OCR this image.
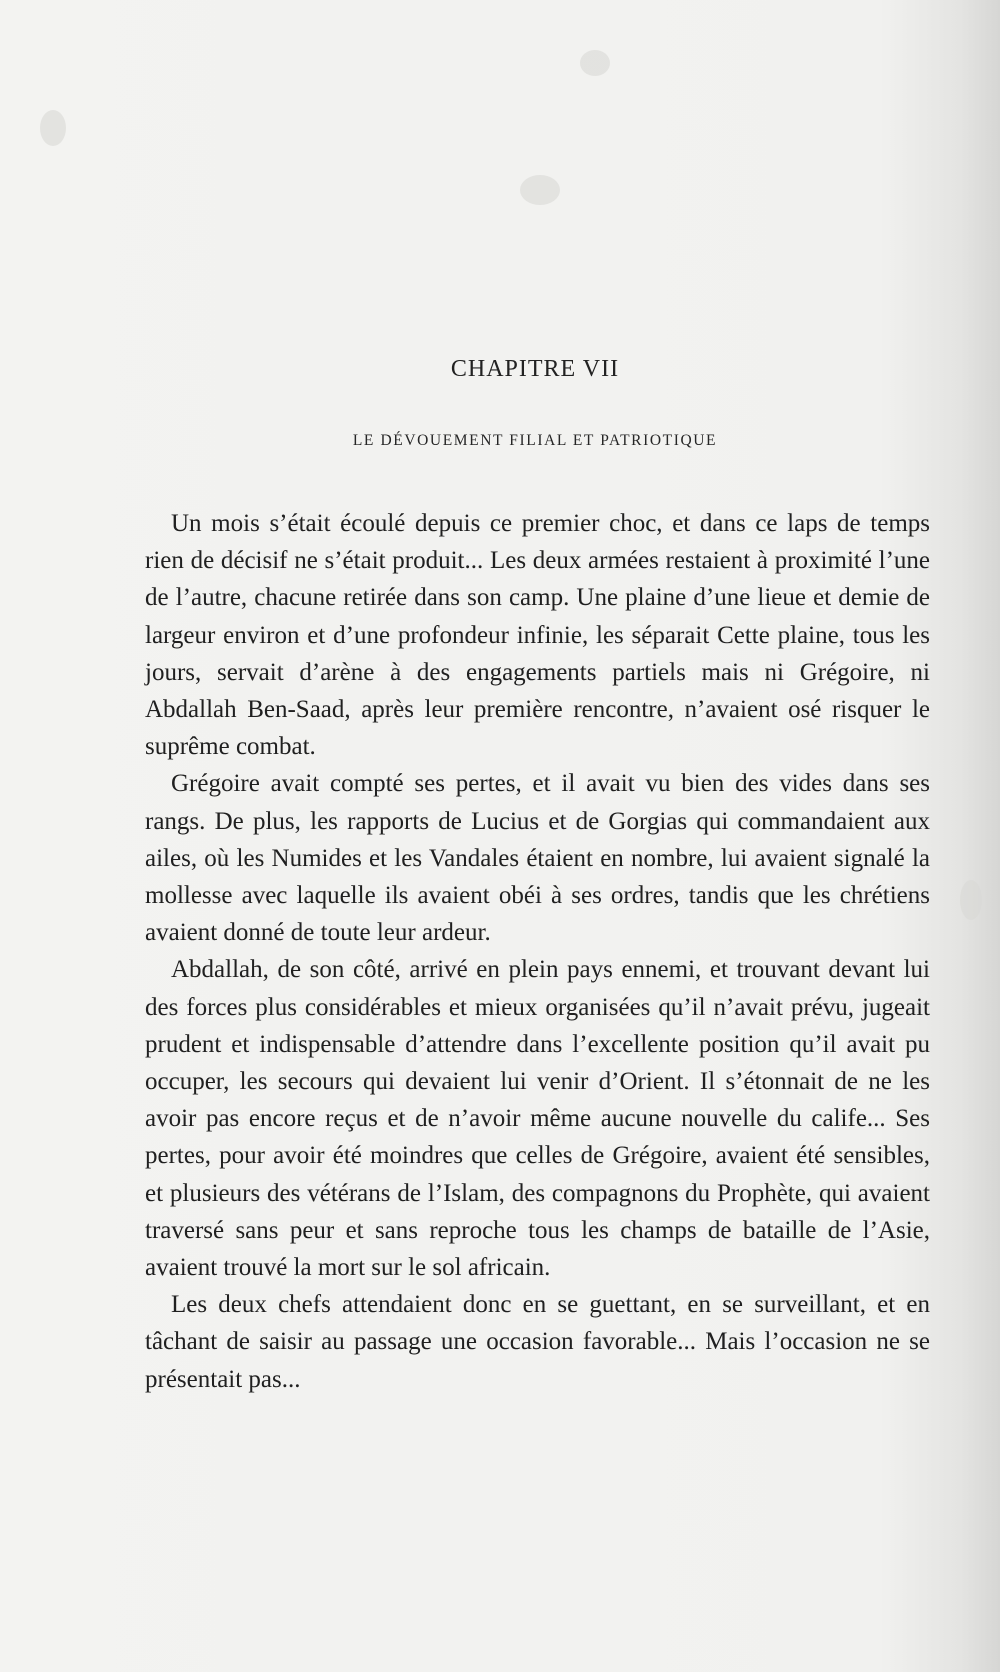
CHAPITRE VII
LE DÉVOUEMENT FILIAL ET PATRIOTIQUE

Un mois s’était écoulé depuis ce premier choc, et dans ce laps de temps rien de décisif ne s’était produit... Les deux armées restaient à proximité l’une de l’autre, chacune retirée dans son camp. Une plaine d’une lieue et demie de largeur environ et d’une profondeur infinie, les séparait Cette plaine, tous les jours, servait d’arène à des engagements partiels mais ni Grégoire, ni Abdallah Ben-Saad, après leur première rencontre, n’avaient osé risquer le suprême combat.

Grégoire avait compté ses pertes, et il avait vu bien des vides dans ses rangs. De plus, les rapports de Lucius et de Gorgias qui commandaient aux ailes, où les Numides et les Vandales étaient en nombre, lui avaient signalé la mollesse avec laquelle ils avaient obéi à ses ordres, tandis que les chrétiens avaient donné de toute leur ardeur.

Abdallah, de son côté, arrivé en plein pays ennemi, et trouvant devant lui des forces plus considérables et mieux organisées qu’il n’avait prévu, jugeait prudent et indispensable d’attendre dans l’excellente position qu’il avait pu occuper, les secours qui devaient lui venir d’Orient. Il s’étonnait de ne les avoir pas encore reçus et de n’avoir même aucune nouvelle du calife... Ses pertes, pour avoir été moindres que celles de Grégoire, avaient été sensibles, et plusieurs des vétérans de l’Islam, des compagnons du Prophète, qui avaient traversé sans peur et sans reproche tous les champs de bataille de l’Asie, avaient trouvé la mort sur le sol africain.

Les deux chefs attendaient donc en se guettant, en se surveillant, et en tâchant de saisir au passage une occasion favorable... Mais l’occasion ne se présentait pas...
